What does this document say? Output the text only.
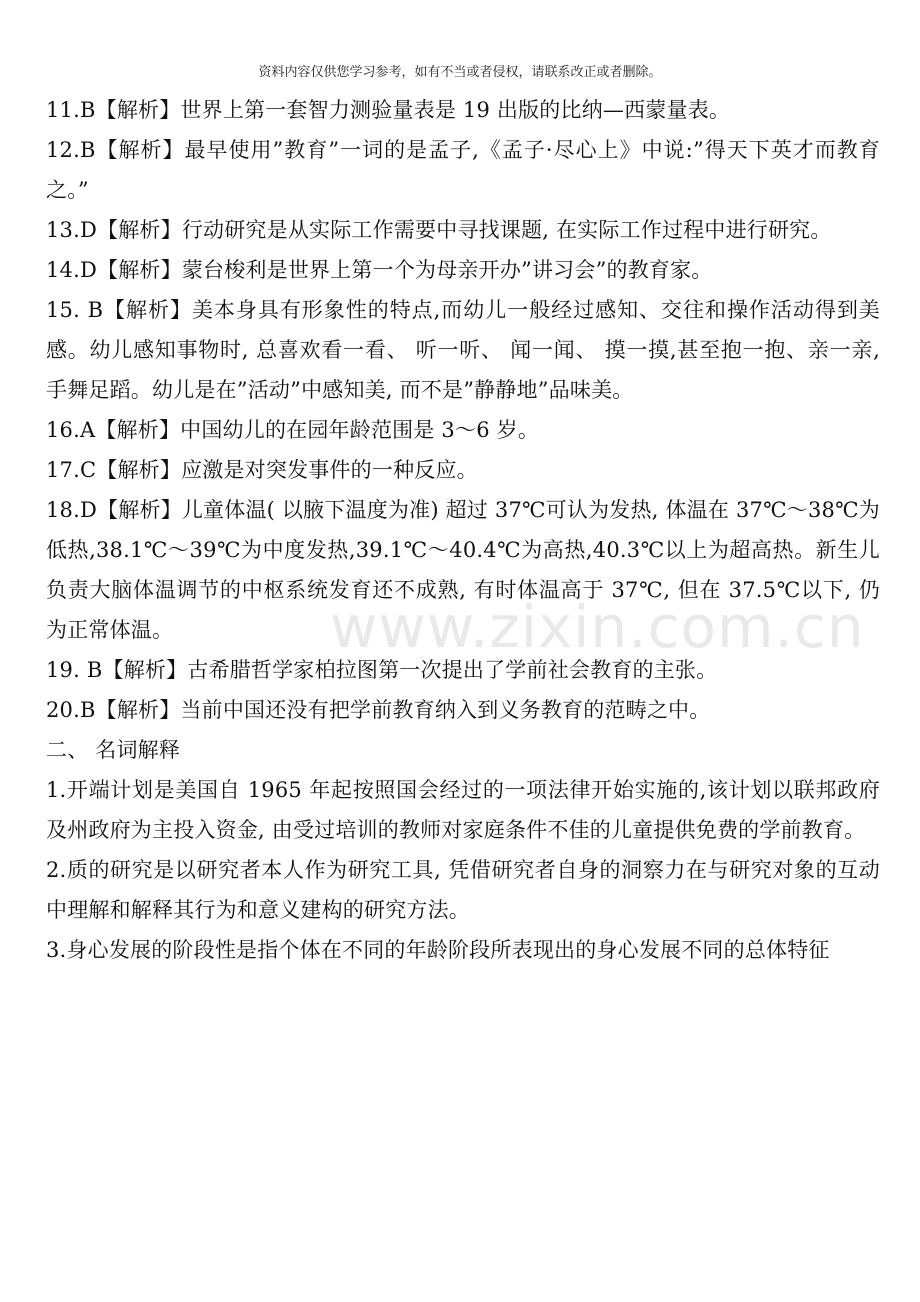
资料内容仅供您学习参考，如有不当或者侵权，请联系改正或者删除。
www.zixin.com.cn

11.B【解析】世界上第一套智力测验量表是 19 出版的比纳—西蒙量表。

12.B【解析】最早使用”教育”一词的是孟子,《孟子·尽心上》中说:”得天下英才而教育之。”

13.D【解析】行动研究是从实际工作需要中寻找课题, 在实际工作过程中进行研究。

14.D【解析】蒙台梭利是世界上第一个为母亲开办”讲习会”的教育家。

15. B【解析】美本身具有形象性的特点,而幼儿一般经过感知、交往和操作活动得到美感。幼儿感知事物时, 总喜欢看一看、 听一听、 闻一闻、 摸一摸,甚至抱一抱、亲一亲, 手舞足蹈。幼儿是在”活动”中感知美, 而不是”静静地”品味美。

16.A【解析】中国幼儿的在园年龄范围是 3～6 岁。

17.C【解析】应激是对突发事件的一种反应。

18.D【解析】儿童体温( 以腋下温度为准) 超过 37℃可认为发热, 体温在 37℃～38℃为低热,38.1℃～39℃为中度发热,39.1℃～40.4℃为高热,40.3℃以上为超高热。新生儿负责大脑体温调节的中枢系统发育还不成熟, 有时体温高于 37℃, 但在 37.5℃以下, 仍为正常体温。

19. B【解析】古希腊哲学家柏拉图第一次提出了学前社会教育的主张。

20.B【解析】当前中国还没有把学前教育纳入到义务教育的范畴之中。

二、 名词解释

1.开端计划是美国自 1965 年起按照国会经过的一项法律开始实施的,该计划以联邦政府及州政府为主投入资金, 由受过培训的教师对家庭条件不佳的儿童提供免费的学前教育。

2.质的研究是以研究者本人作为研究工具, 凭借研究者自身的洞察力在与研究对象的互动中理解和解释其行为和意义建构的研究方法。

3.身心发展的阶段性是指个体在不同的年龄阶段所表现出的身心发展不同的总体特征
